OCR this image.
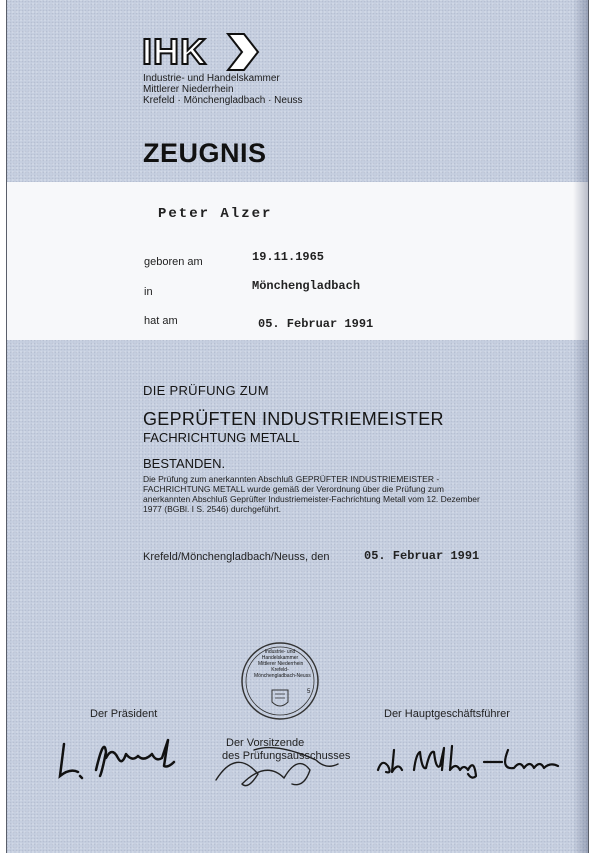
IHK
Industrie- und Handelskammer
Mittlerer Niederrhein
Krefeld · Mönchengladbach · Neuss
ZEUGNIS
Peter Alzer
geboren am	19.11.1965
in	Mönchengladbach
hat am	05. Februar 1991
DIE PRÜFUNG ZUM
GEPRÜFTEN INDUSTRIEMEISTER
FACHRICHTUNG METALL
BESTANDEN.
Die Prüfung zum anerkannten Abschluß GEPRÜFTER INDUSTRIEMEISTER - FACHRICHTUNG METALL wurde gemäß der Verordnung über die Prüfung zum anerkannten Abschluß Geprüfter Industriemeister-Fachrichtung Metall vom 12. Dezember 1977 (BGBl. I S. 2546) durchgeführt.
Krefeld/Mönchengladbach/Neuss, den	05. Februar 1991
Industrie- und
Handelskammer
Mittlerer Niederrhein
Krefeld-
Mönchengladbach-Neuss
5
Der Präsident
Der Vorsitzende
des Prüfungsausschusses
Der Hauptgeschäftsführer
